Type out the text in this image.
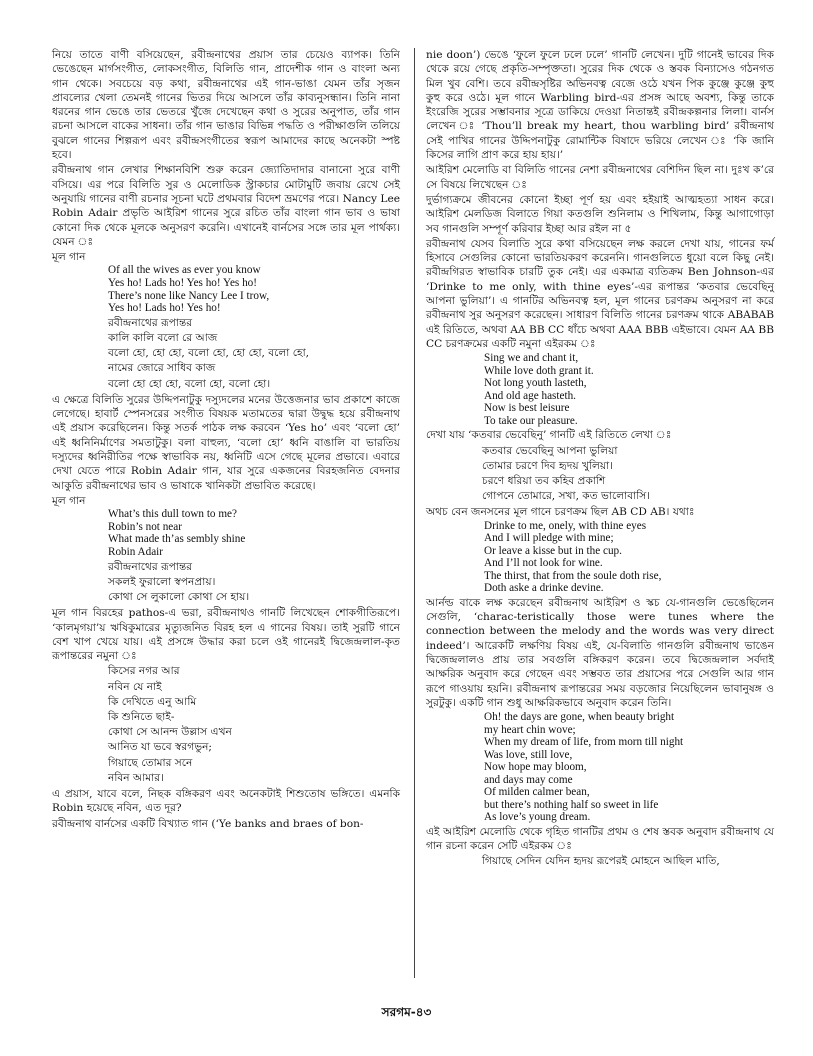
নিয়ে তাতে বাণী বসিয়েছেন, রবীন্দ্রনাথের প্রয়াস তার চেয়েও ব্যাপক। তিনি ভেঙেছেন মার্গসংগীত, লোকসংগীত, বিলিতি গান, প্রাদেশীক গান ও বাংলা অন্য গান থেকে। সবচেয়ে বড় কথা, রবীন্দ্রনাথের এই গান-ভাঙা যেমন তাঁর সৃজন প্রাবল্যের খেলা তেমনই গানের ভিতর দিয়ে আসলে তাঁর কাব্যনুসন্ধান। তিনি নানা ধরনের গান ভেঙে তার ভেতরে খুঁজে দেখেছেন কথা ও সুরের অনুপাত, তাঁর গান রচনা আসলে বাকের সাধনা। তাঁর গান ভাঙার বিভিন্ন পদ্ধতি ও পরীক্ষাগুলি তলিয়ে বুঝলে গানের শিল্পরূপ এবং রবীন্দ্রসংগীতের স্বরূপ আমাদের কাছে অনেকটা স্পষ্ট হবে।

রবীন্দ্রনাথ গান লেখার শিক্ষানবিশি শুরু করেন জ্যোতিদাদার বানানো সুরে বাণী বসিয়ে। এর পরে বিলিতি সুর ও মেলোডিক স্ট্রাকচার মোটামুটি জবায় রেখে সেই অনুযায়ি গানের বাণী রচনার সূচনা ঘটে প্রথমবার বিদেশ ভ্রমণের পরে। Nancy Lee Robin Adair প্রভৃতি আইরিশ গানের সুরে রচিত তাঁর বাংলা গান ভাব ও ভাষা কোনো দিক থেকে মূলকে অনুসরণ করেনি। এখানেই বার্নসের সঙ্গে তার মূল পার্থক্য। যেমন ঃ

মূল গান

Of all the wives as ever you know
Yes ho! Lads ho! Yes ho! Yes ho!
There’s none like Nancy Lee I trow,
Yes ho! Lads ho! Yes ho!
রবীন্দ্রনাথের রূপান্তর
কালি কালি বলো রে আজ
বলো হো, হো হো, বলো হো, হো হো, বলো হো,
নামের জোরে সাধিব কাজ
বলো হো হো হো, বলো হো, বলো হো।

এ ক্ষেত্রে বিলিতি সুরের উদ্দিপনাটুকু দস্যুদলের মনের উত্তেজনার ভাব প্রকাশে কাজে লেগেছে। হাবার্ট স্পেনসরের সংগীত বিষয়ক মতামতের দ্বারা উদ্বুদ্ধ হয়ে রবীন্দ্রনাথ এই প্রয়াস করেছিলেন। কিন্তু সতর্ক পাঠক লক্ষ করবেন ‘Yes ho’ এবং ‘বলো হো’ এই ধ্বনিনির্মাণের সমতাটুকু। বলা বাহুল্য, ‘বলো হো’ ধ্বনি বাঙালি বা ভারতিয় দস্যুদের ধ্বনিরীতির পক্ষে স্বাভাবিক নয়, ধ্বনিটি এসে গেছে মূলের প্রভাবে। এবারে দেখা যেতে পারে Robin Adair গান, যার সুরে একজনের বিরহজনিত বেদনার আকুতি রবীন্দ্রনাথের ভাব ও ভাষাকে খানিকটা প্রভাবিত করেছে।

মূল গান

What’s this dull town to me?
Robin’s not near
What made th’as sembly shine
Robin Adair
রবীন্দ্রনাথের রূপান্তর
সকলই ফুরালো স্বপনপ্রায়।
কোথা সে লুকালো কোথা সে হায়।

মূল গান বিরহের pathos-এ ভরা, রবীন্দ্রনাথও গানটি লিখেছেন শোকগীতিরূপে। ‘কালমৃগয়া’য় ঋষিকুমারের মৃত্যুজনিত বিরহ হল এ গানের বিষয়। তাই সুরটি গানে বেশ খাপ খেয়ে যায়। এই প্রসঙ্গে উদ্ধার করা চলে ওই গানেরই দ্বিজেন্দ্রলাল-কৃত রূপান্তরের নমুনা ঃ

কিসের নগর আর
নবিন যে নাই
কি দেখিতে এনু আমি
কি শুনিতে ছাই-
কোথা সে আনন্দ উল্লাস এখন
আনিত যা ভবে স্বরগভুন;
গিয়াছে তোমার সনে
নবিন আমার।

এ প্রয়াস, যাবে বলে, নিছক বঙ্গিকরণ এবং অনেকটাই শিশুতোষ ভঙ্গিতে। এমনকি Robin হয়েছে নবিন, এত দূর?

রবীন্দ্রনাথ বার্নসের একটি বিখ্যাত গান (‘Ye banks and braes of bon-

nie doon’) ভেঙে ‘ফুলে ফুলে ঢলে ঢলে’ গানটি লেখেন। দুটি গানেই ভাবের দিক থেকে রয়ে গেছে প্রকৃতি-সম্পৃক্ততা। সুরের দিক থেকে ও স্তবক বিন্যাসেও গঠনগত মিল খুব বেশি। তবে রবীন্দ্রসৃষ্টির অভিনবত্ব বেজে ওঠে যখন পিক কুঞ্জে কুঞ্জে কুহু কুহু করে ওঠে। মূল গানে Warbling bird-এর প্রসঙ্গ আছে অবশ্য, কিন্তু তাকে ইংরেজি সুরের সম্ভাবনার সূত্রে ডাকিয়ে দেওয়া নিতান্তই রবীন্দ্রকল্পনার লিলা। বার্নস লেখেন ঃ ‘Thou’ll break my heart, thou warbling bird’ রবীন্দ্রনাথ সেই পাখির গানের উদ্দিপনাটুকু রোমান্টিক বিষাদে ভরিয়ে লেখেন ঃ ‘কি জানি কিসের লাগি প্রাণ করে হায় হায়।’

আইরিশ মেলোডি বা বিলিতি গানের নেশা রবীন্দ্রনাথের বেশিদিন ছিল না। দুঃখ ক’রে সে বিষয়ে লিখেছেন ঃ

দুর্ভাগ্যক্রমে জীবনের কোনো ইচ্ছা পূর্ণ হয় এবং হইয়াই আত্মহত্যা সাধন করে। আইরিশ মেলডিজ বিলাতে গিয়া কতগুলি শুনিলাম ও শিখিলাম, কিন্তু আগাগোড়া সব গানগুলি সম্পূর্ণ করিবার ইচ্ছা আর রইল না ৫

রবীন্দ্রনাথ যেসব বিলাতি সুরে কথা বসিয়েছেন লক্ষ করলে দেখা যায়, গানের ফর্ম হিসাবে সেগুলির কোনো ভারতিয়করণ করেননি। গানগুলিতে ধুয়ো বলে কিছু নেই। রবীন্দ্রগিরত স্বাভাবিক চারটি তুক নেই। এর একমাত্র ব্যতিক্রম Ben Johnson-এর ‘Drinke to me only, with thine eyes’-এর রূপান্তর ‘কতবার ভেবেছিনু আপনা ভুলিয়া’। এ গানটির অভিনবত্ব হল, মূল গানের চরণক্রম অনুসরণ না করে রবীন্দ্রনাথ সুর অনুসরণ করেছেন। সাধারণ বিলিতি গানের চরণক্রম থাকে ABABAB এই রিতিতে, অথবা AA BB CC ধাঁচে অথবা AAA BBB এইভাবে। যেমন AA BB CC চরণক্রমের একটি নমুনা এইরকম ঃ

Sing we and chant it,
While love doth grant it.
Not long youth lasteth,
And old age hasteth.
Now is best leisure
To take our pleasure.

দেখা যায় ‘কতবার ভেবেছিনু’ গানটি এই রিতিতে লেখা ঃ

কতবার ভেবেছিনু আপনা ভুলিয়া
তোমার চরণে দিব হৃদয় খুলিয়া।
চরণে ধরিয়া তব কহিব প্রকাশি
গোপনে তোমারে, সখা, কত ভালোবাসি।

অথচ বেন জনসনের মূল গানে চরণক্রম ছিল AB CD AB। যথাঃ

Drinke to me, onely, with thine eyes
And I will pledge with mine;
Or leave a kisse but in the cup.
And I’ll not look for wine.
The thirst, that from the soule doth rise,
Doth aske a drinke devine.

আর্নল্ড বাকে লক্ষ করেছেন রবীন্দ্রনাথ আইরিশ ও স্কচ যে-গানগুলি ভেঙেছিলেন সেগুলি, ‘charac-teristically those were tunes where the connection between the melody and the words was very direct indeed’। আরেকটি লক্ষণিয় বিষয় এই, যে-বিলাতি গানগুলি রবীন্দ্রনাথ ভাঙেন দ্বিজেন্দ্রলালও প্রায় তার সবগুলি বঙ্গিকরণ করেন। তবে দ্বিজেন্দ্রলাল সর্বদাই আক্ষরিক অনুবাদ করে গেছেন এবং সম্ভবত তার প্রয়াসের পরে সেগুলি আর গান রূপে গাওয়ায় হয়নি। রবীন্দ্রনাথ রূপান্তরের সময় বড়জোর নিয়েছিলেন ভাবানুষঙ্গ ও সুরটুকু। একটি গান শুধু আক্ষরিকভাবে অনুবাদ করেন তিনি।

Oh! the days are gone, when beauty bright
my heart chin wove;
When my dream of life, from morn till night
Was love, still love,
Now hope may bloom,
and days may come
Of milden calmer bean,
but there’s nothing half so sweet in life
As love’s young dream.

এই আইরিশ মেলোডি থেকে গৃহিত গানটির প্রথম ও শেষ স্তবক অনুবাদ রবীন্দ্রনাথ যে গান রচনা করেন সেটি এইরকম ঃ

গিয়াছে সেদিন যেদিন হৃদয় রূপেরই মোহনে আছিল মাতি,
সরগম-৪৩
